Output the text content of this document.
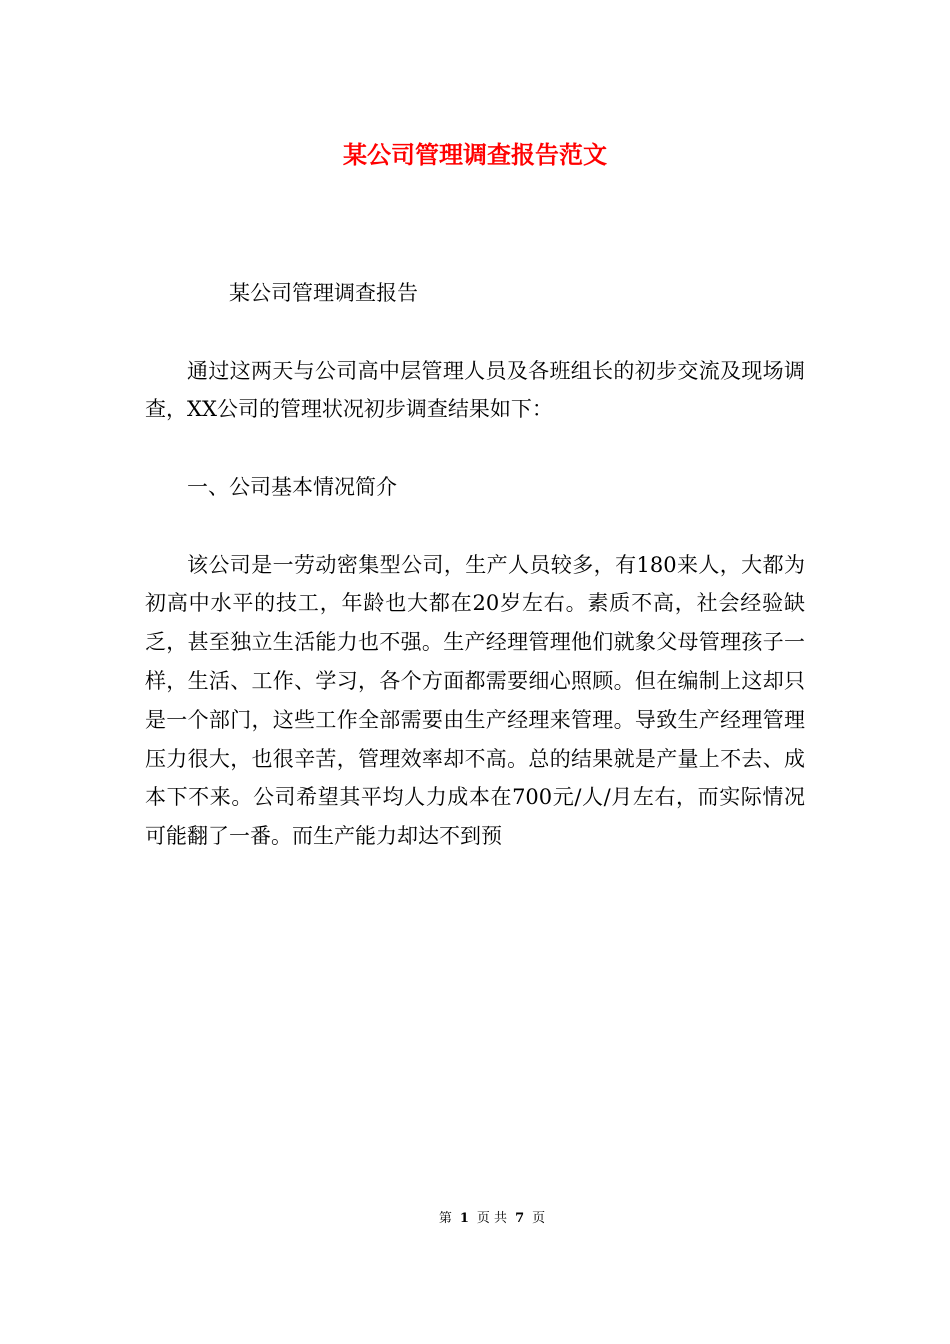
某公司管理调查报告范文

某公司管理调查报告

通过这两天与公司高中层管理人员及各班组长的初步交流及现场调查，XX公司的管理状况初步调查结果如下：

一、公司基本情况简介

该公司是一劳动密集型公司，生产人员较多，有180来人，大都为初高中水平的技工，年龄也大都在20岁左右。素质不高，社会经验缺乏，甚至独立生活能力也不强。生产经理管理他们就象父母管理孩子一样，生活、工作、学习，各个方面都需要细心照顾。但在编制上这却只是一个部门，这些工作全部需要由生产经理来管理。导致生产经理管理压力很大，也很辛苦，管理效率却不高。总的结果就是产量上不去、成本下不来。公司希望其平均人力成本在700元/人/月左右，而实际情况可能翻了一番。而生产能力却达不到预

第 1 页 共 7 页
